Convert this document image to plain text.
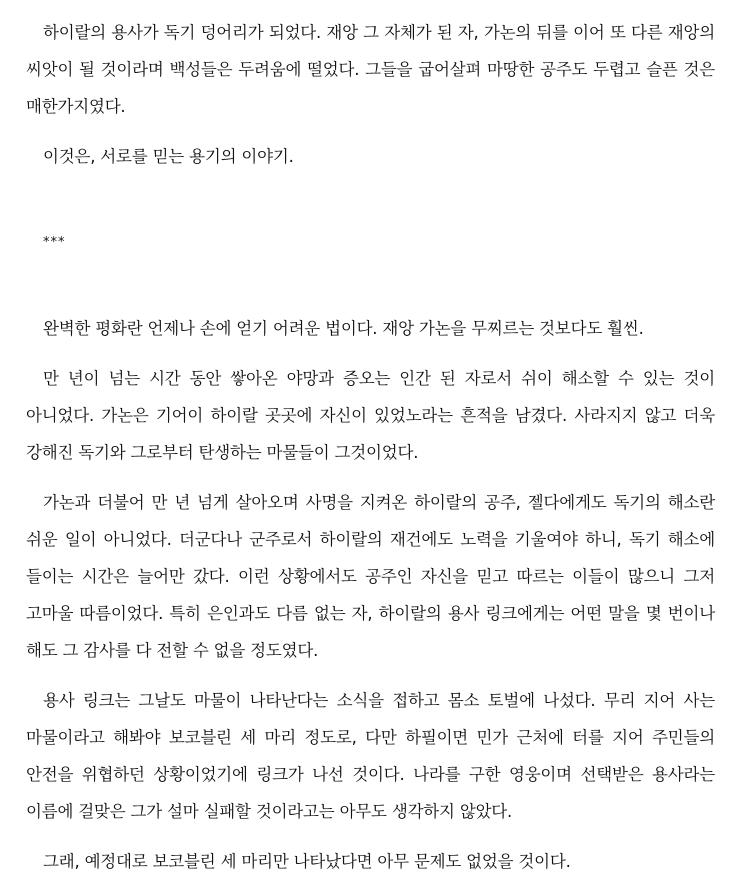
하이랄의 용사가 독기 덩어리가 되었다. 재앙 그 자체가 된 자, 가논의 뒤를 이어 또 다른 재앙의 씨앗이 될 것이라며 백성들은 두려움에 떨었다. 그들을 굽어살펴 마땅한 공주도 두렵고 슬픈 것은 매한가지였다.

이것은, 서로를 믿는 용기의 이야기.

***

완벽한 평화란 언제나 손에 얻기 어려운 법이다. 재앙 가논을 무찌르는 것보다도 훨씬.

만 년이 넘는 시간 동안 쌓아온 야망과 증오는 인간 된 자로서 쉬이 해소할 수 있는 것이 아니었다. 가논은 기어이 하이랄 곳곳에 자신이 있었노라는 흔적을 남겼다. 사라지지 않고 더욱 강해진 독기와 그로부터 탄생하는 마물들이 그것이었다.

가논과 더불어 만 년 넘게 살아오며 사명을 지켜온 하이랄의 공주, 젤다에게도 독기의 해소란 쉬운 일이 아니었다. 더군다나 군주로서 하이랄의 재건에도 노력을 기울여야 하니, 독기 해소에 들이는 시간은 늘어만 갔다. 이런 상황에서도 공주인 자신을 믿고 따르는 이들이 많으니 그저 고마울 따름이었다. 특히 은인과도 다름 없는 자, 하이랄의 용사 링크에게는 어떤 말을 몇 번이나 해도 그 감사를 다 전할 수 없을 정도였다.

용사 링크는 그날도 마물이 나타난다는 소식을 접하고 몸소 토벌에 나섰다. 무리 지어 사는 마물이라고 해봐야 보코블린 세 마리 정도로, 다만 하필이면 민가 근처에 터를 지어 주민들의 안전을 위협하던 상황이었기에 링크가 나선 것이다. 나라를 구한 영웅이며 선택받은 용사라는 이름에 걸맞은 그가 설마 실패할 것이라고는 아무도 생각하지 않았다.

그래, 예정대로 보코블린 세 마리만 나타났다면 아무 문제도 없었을 것이다.
